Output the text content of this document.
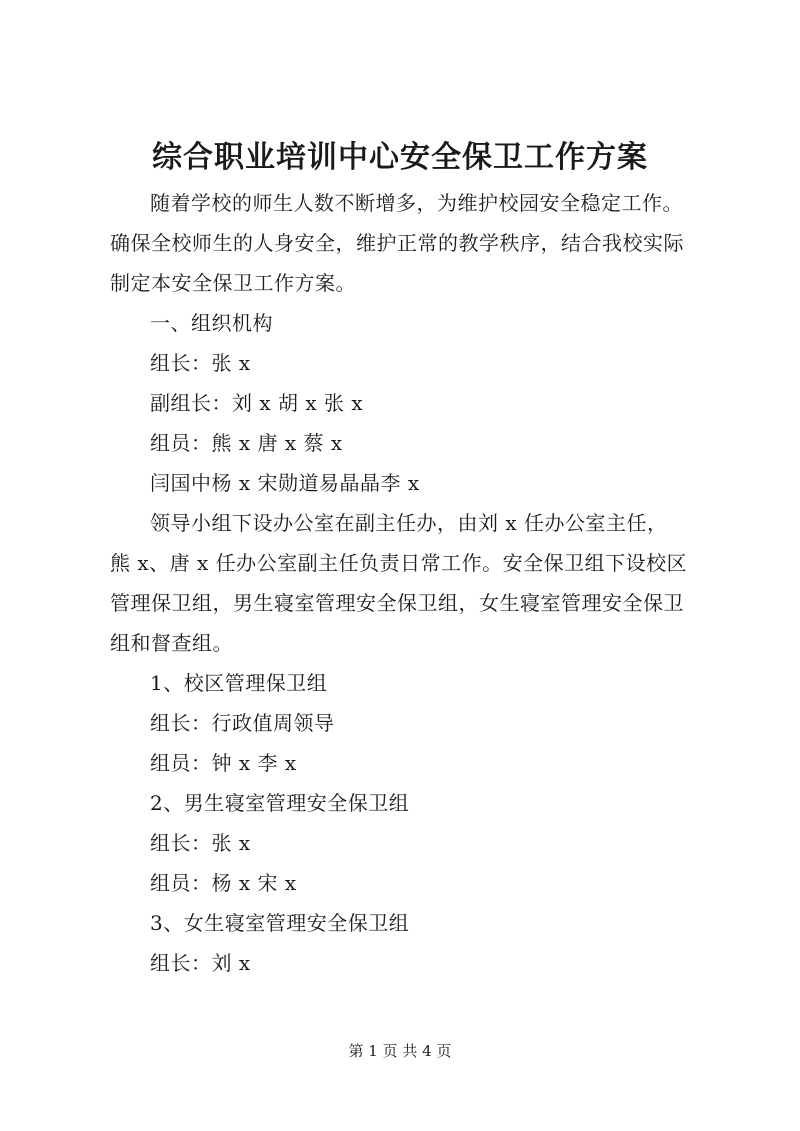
综合职业培训中心安全保卫工作方案
随着学校的师生人数不断增多，为维护校园安全稳定工作。
确保全校师生的人身安全，维护正常的教学秩序，结合我校实际
制定本安全保卫工作方案。
一、组织机构
组长：张 x
副组长：刘 x 胡 x 张 x
组员：熊 x 唐 x 蔡 x
闫国中杨 x 宋勋道易晶晶李 x
领导小组下设办公室在副主任办，由刘 x 任办公室主任，
熊 x、唐 x 任办公室副主任负责日常工作。安全保卫组下设校区
管理保卫组，男生寝室管理安全保卫组，女生寝室管理安全保卫
组和督查组。
1、校区管理保卫组
组长：行政值周领导
组员：钟 x 李 x
2、男生寝室管理安全保卫组
组长：张 x
组员：杨 x 宋 x
3、女生寝室管理安全保卫组
组长：刘 x
第 1 页 共 4 页
